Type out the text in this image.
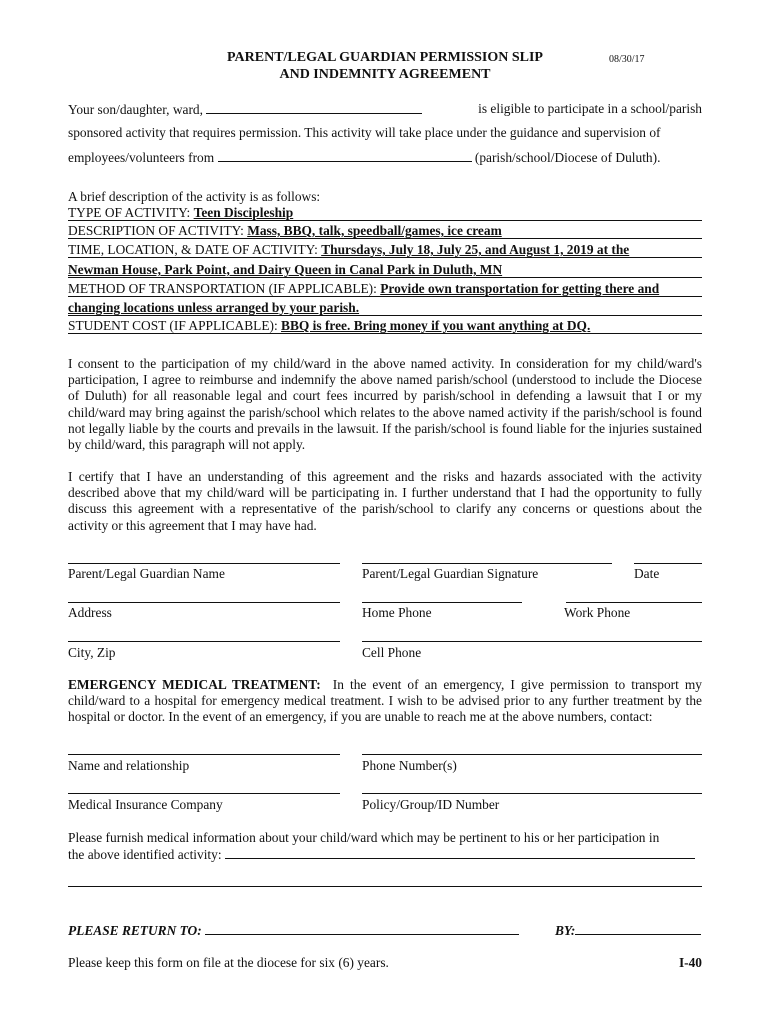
PARENT/LEGAL GUARDIAN PERMISSION SLIP
AND INDEMNITY AGREEMENT
08/30/17
Your son/daughter, ward,	is eligible to participate in a school/parish
sponsored activity that requires permission. This activity will take place under the guidance and supervision of
employees/volunteers from	(parish/school/Diocese of Duluth).
A brief description of the activity is as follows:
TYPE OF ACTIVITY: Teen Discipleship
DESCRIPTION OF ACTIVITY: Mass, BBQ, talk, speedball/games, ice cream
TIME, LOCATION, & DATE OF ACTIVITY: Thursdays, July 18, July 25, and August 1, 2019 at the
Newman House, Park Point, and Dairy Queen in Canal Park in Duluth, MN
METHOD OF TRANSPORTATION (IF APPLICABLE): Provide own transportation for getting there and
changing locations unless arranged by your parish.
STUDENT COST (IF APPLICABLE): BBQ is free. Bring money if you want anything at DQ.
I consent to the participation of my child/ward in the above named activity. In consideration for my child/ward's participation, I agree to reimburse and indemnify the above named parish/school (understood to include the Diocese of Duluth) for all reasonable legal and court fees incurred by parish/school in defending a lawsuit that I or my child/ward may bring against the parish/school which relates to the above named activity if the parish/school is found not legally liable by the courts and prevails in the lawsuit. If the parish/school is found liable for the injuries sustained by child/ward, this paragraph will not apply.
I certify that I have an understanding of this agreement and the risks and hazards associated with the activity described above that my child/ward will be participating in. I further understand that I had the opportunity to fully discuss this agreement with a representative of the parish/school to clarify any concerns or questions about the activity or this agreement that I may have had.
Parent/Legal Guardian Name	Parent/Legal Guardian Signature	Date
Address	Home Phone	Work Phone
City, Zip	Cell Phone
EMERGENCY MEDICAL TREATMENT: In the event of an emergency, I give permission to transport my child/ward to a hospital for emergency medical treatment. I wish to be advised prior to any further treatment by the hospital or doctor. In the event of an emergency, if you are unable to reach me at the above numbers, contact:
Name and relationship	Phone Number(s)
Medical Insurance Company	Policy/Group/ID Number
Please furnish medical information about your child/ward which may be pertinent to his or her participation in
the above identified activity:
PLEASE RETURN TO:	BY:
Please keep this form on file at the diocese for six (6) years.	I-40
